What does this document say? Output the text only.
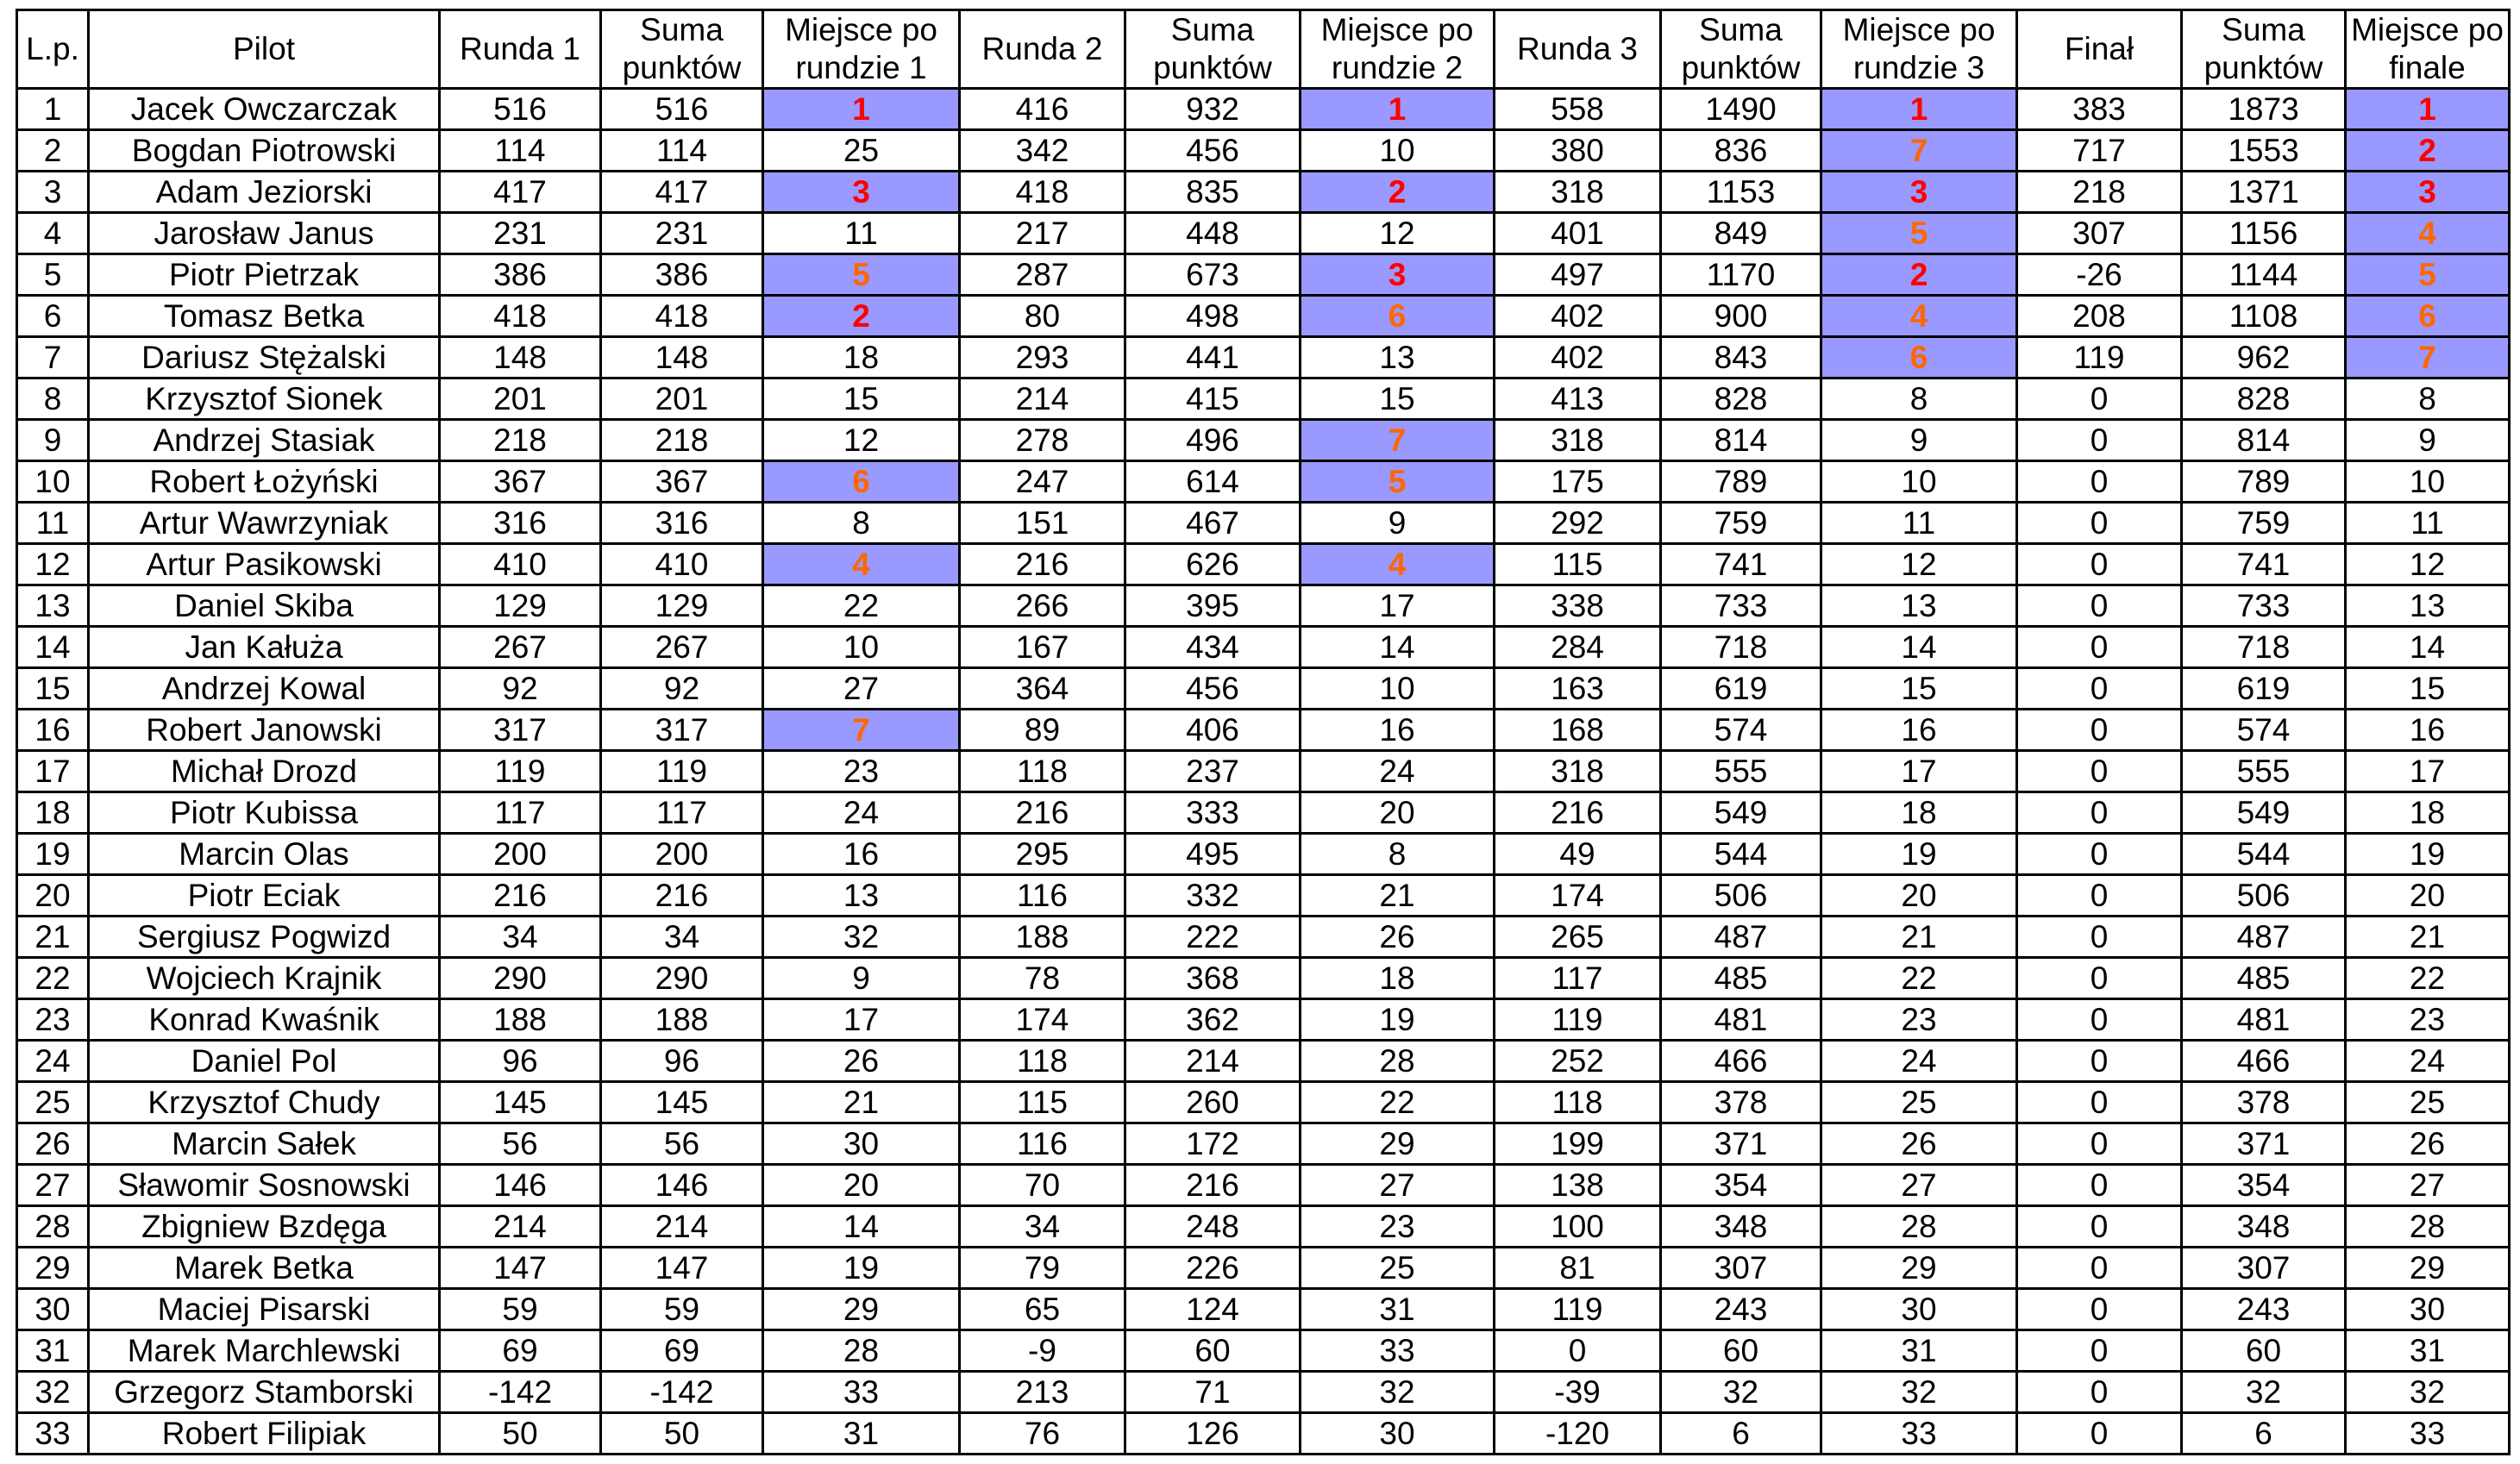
L.p.	Pilot	Runda 1	Suma punktów	Miejsce po rundzie 1	Runda 2	Suma punktów	Miejsce po rundzie 2	Runda 3	Suma punktów	Miejsce po rundzie 3	Finał	Suma punktów	Miejsce po finale
1	Jacek Owczarczak	516	516	1	416	932	1	558	1490	1	383	1873	1
2	Bogdan Piotrowski	114	114	25	342	456	10	380	836	7	717	1553	2
3	Adam Jeziorski	417	417	3	418	835	2	318	1153	3	218	1371	3
4	Jarosław Janus	231	231	11	217	448	12	401	849	5	307	1156	4
5	Piotr Pietrzak	386	386	5	287	673	3	497	1170	2	-26	1144	5
6	Tomasz Betka	418	418	2	80	498	6	402	900	4	208	1108	6
7	Dariusz Stężalski	148	148	18	293	441	13	402	843	6	119	962	7
8	Krzysztof Sionek	201	201	15	214	415	15	413	828	8	0	828	8
9	Andrzej Stasiak	218	218	12	278	496	7	318	814	9	0	814	9
10	Robert Łożyński	367	367	6	247	614	5	175	789	10	0	789	10
11	Artur Wawrzyniak	316	316	8	151	467	9	292	759	11	0	759	11
12	Artur Pasikowski	410	410	4	216	626	4	115	741	12	0	741	12
13	Daniel Skiba	129	129	22	266	395	17	338	733	13	0	733	13
14	Jan Kałuża	267	267	10	167	434	14	284	718	14	0	718	14
15	Andrzej Kowal	92	92	27	364	456	10	163	619	15	0	619	15
16	Robert Janowski	317	317	7	89	406	16	168	574	16	0	574	16
17	Michał Drozd	119	119	23	118	237	24	318	555	17	0	555	17
18	Piotr Kubissa	117	117	24	216	333	20	216	549	18	0	549	18
19	Marcin Olas	200	200	16	295	495	8	49	544	19	0	544	19
20	Piotr Eciak	216	216	13	116	332	21	174	506	20	0	506	20
21	Sergiusz Pogwizd	34	34	32	188	222	26	265	487	21	0	487	21
22	Wojciech Krajnik	290	290	9	78	368	18	117	485	22	0	485	22
23	Konrad Kwaśnik	188	188	17	174	362	19	119	481	23	0	481	23
24	Daniel Pol	96	96	26	118	214	28	252	466	24	0	466	24
25	Krzysztof Chudy	145	145	21	115	260	22	118	378	25	0	378	25
26	Marcin Sałek	56	56	30	116	172	29	199	371	26	0	371	26
27	Sławomir Sosnowski	146	146	20	70	216	27	138	354	27	0	354	27
28	Zbigniew Bzdęga	214	214	14	34	248	23	100	348	28	0	348	28
29	Marek Betka	147	147	19	79	226	25	81	307	29	0	307	29
30	Maciej Pisarski	59	59	29	65	124	31	119	243	30	0	243	30
31	Marek Marchlewski	69	69	28	-9	60	33	0	60	31	0	60	31
32	Grzegorz Stamborski	-142	-142	33	213	71	32	-39	32	32	0	32	32
33	Robert Filipiak	50	50	31	76	126	30	-120	6	33	0	6	33
